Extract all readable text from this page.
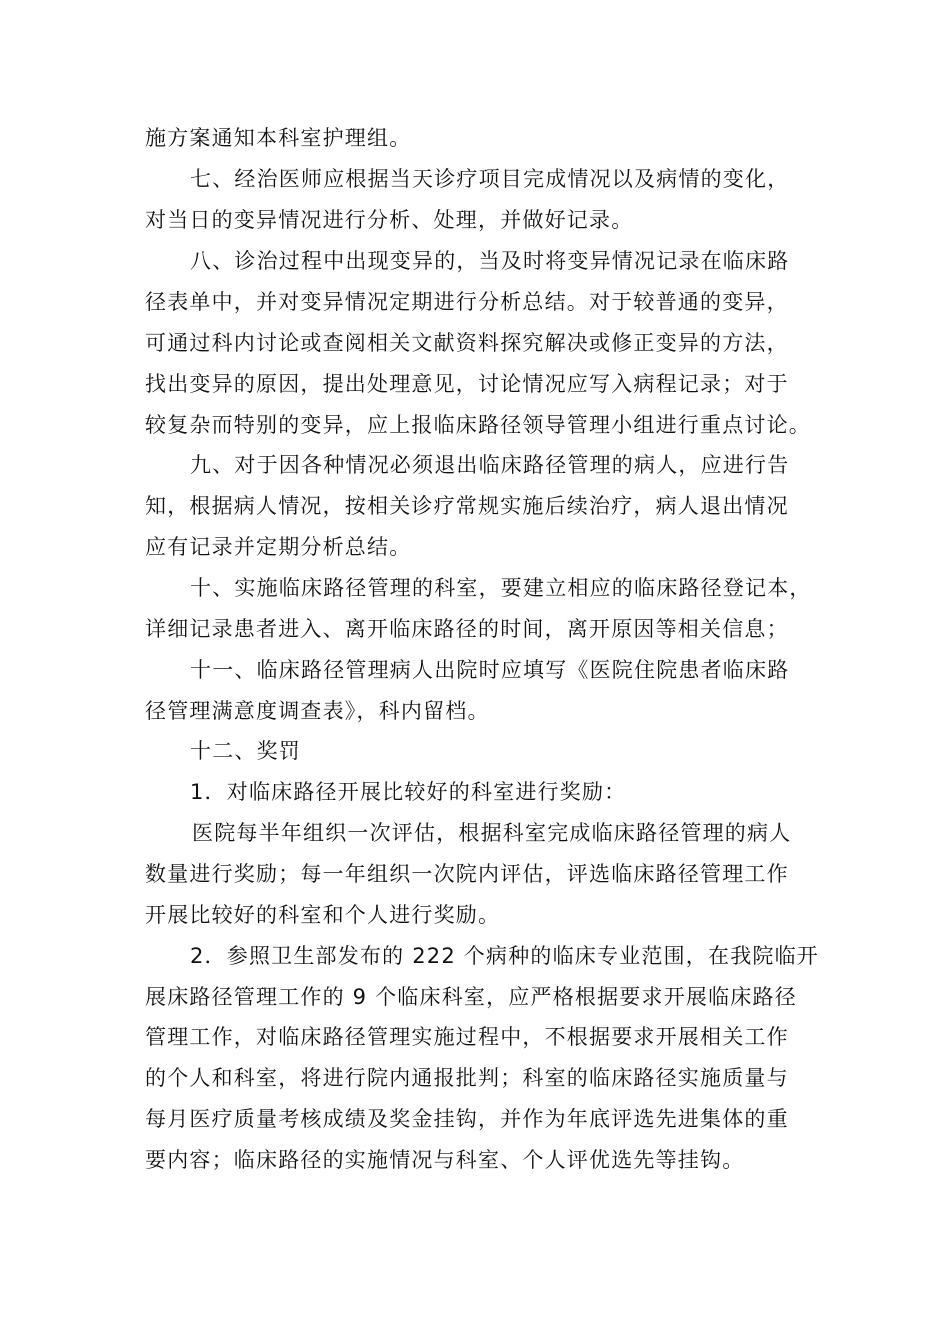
施方案通知本科室护理组。

七、经治医师应根据当天诊疗项目完成情况以及病情的变化，

对当日的变异情况进行分析、处理，并做好记录。

八、诊治过程中出现变异的，当及时将变异情况记录在临床路

径表单中，并对变异情况定期进行分析总结。对于较普通的变异，

可通过科内讨论或查阅相关文献资料探究解决或修正变异的方法，

找出变异的原因，提出处理意见，讨论情况应写入病程记录；对于

较复杂而特别的变异，应上报临床路径领导管理小组进行重点讨论。

九、对于因各种情况必须退出临床路径管理的病人，应进行告

知，根据病人情况，按相关诊疗常规实施后续治疗，病人退出情况

应有记录并定期分析总结。

十、实施临床路径管理的科室，要建立相应的临床路径登记本，

详细记录患者进入、离开临床路径的时间，离开原因等相关信息；

十一、临床路径管理病人出院时应填写《医院住院患者临床路

径管理满意度调查表》，科内留档。

十二、奖罚

1．对临床路径开展比较好的科室进行奖励：

医院每半年组织一次评估，根据科室完成临床路径管理的病人

数量进行奖励；每一年组织一次院内评估，评选临床路径管理工作

开展比较好的科室和个人进行奖励。

2．参照卫生部发布的 222 个病种的临床专业范围，在我院临开

展床路径管理工作的 9 个临床科室，应严格根据要求开展临床路径

管理工作，对临床路径管理实施过程中，不根据要求开展相关工作

的个人和科室，将进行院内通报批判；科室的临床路径实施质量与

每月医疗质量考核成绩及奖金挂钩，并作为年底评选先进集体的重

要内容；临床路径的实施情况与科室、个人评优选先等挂钩。
